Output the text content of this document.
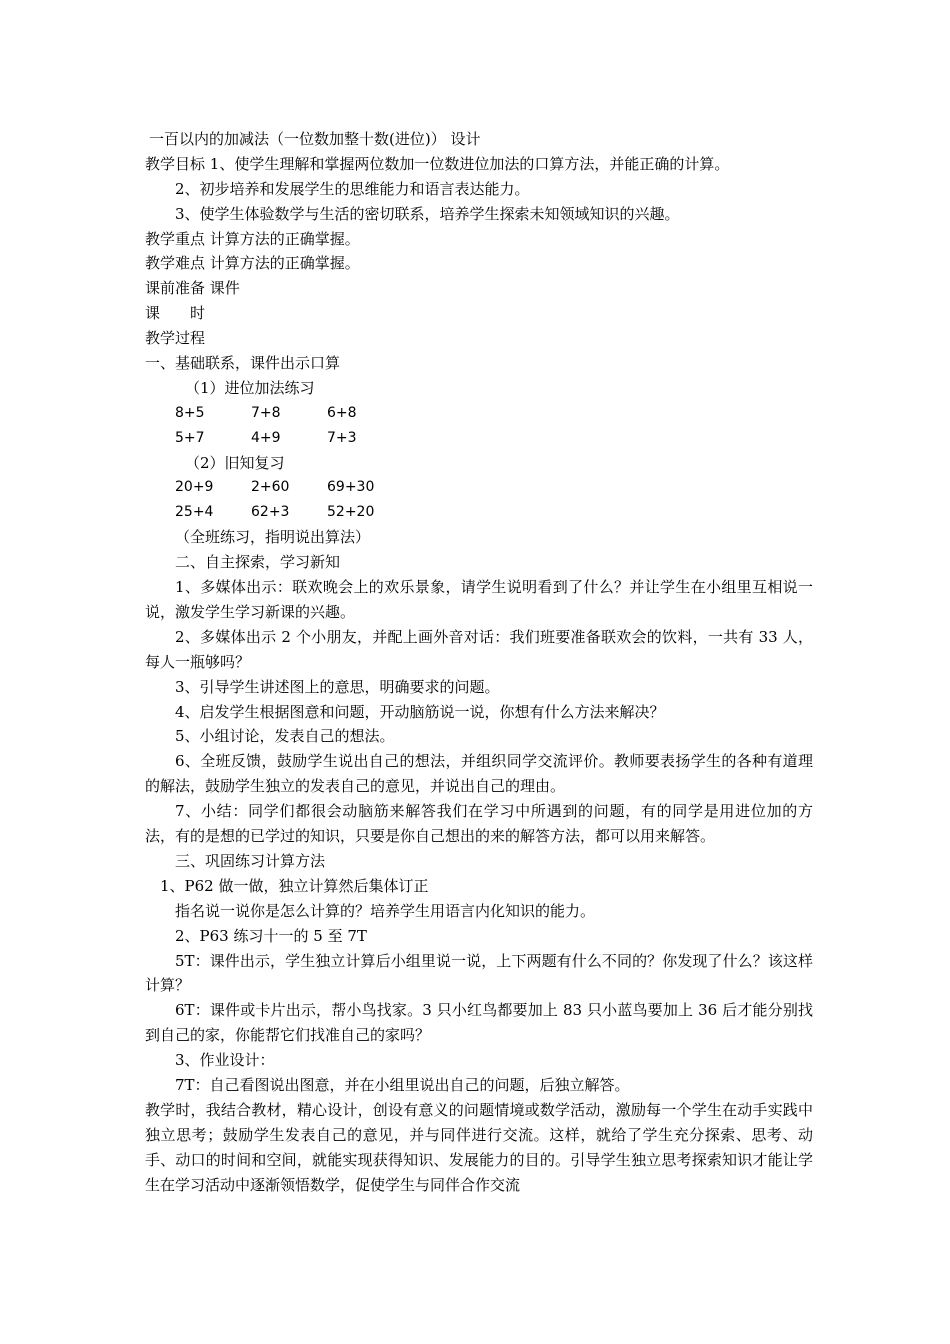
一百以内的加减法（一位数加整十数(进位)） 设计
教学目标 1、使学生理解和掌握两位数加一位数进位加法的口算方法，并能正确的计算。
2、初步培养和发展学生的思维能力和语言表达能力。
3、使学生体验数学与生活的密切联系，培养学生探索未知领域知识的兴趣。
教学重点 计算方法的正确掌握。
教学难点 计算方法的正确掌握。
课前准备 课件
课 时
教学过程
一、基础联系，课件出示口算
（1）进位加法练习
8+5	7+8	6+8
5+7	4+9	7+3
（2）旧知复习
20+9	2+60	69+30
25+4	62+3	52+20
（全班练习，指明说出算法）
二、自主探索，学习新知
1、多媒体出示：联欢晚会上的欢乐景象，请学生说明看到了什么？并让学生在小组里互相说一说，激发学生学习新课的兴趣。
2、多媒体出示 2 个小朋友，并配上画外音对话：我们班要准备联欢会的饮料，一共有 33 人，每人一瓶够吗？
3、引导学生讲述图上的意思，明确要求的问题。
4、启发学生根据图意和问题，开动脑筋说一说，你想有什么方法来解决？
5、小组讨论，发表自己的想法。
6、全班反馈，鼓励学生说出自己的想法，并组织同学交流评价。教师要表扬学生的各种有道理的解法，鼓励学生独立的发表自己的意见，并说出自己的理由。
7、小结：同学们都很会动脑筋来解答我们在学习中所遇到的问题，有的同学是用进位加的方法，有的是想的已学过的知识，只要是你自己想出的来的解答方法，都可以用来解答。
三、巩固练习计算方法
1、P62 做一做，独立计算然后集体订正
指名说一说你是怎么计算的？培养学生用语言内化知识的能力。
2、P63 练习十一的 5 至 7T
5T：课件出示，学生独立计算后小组里说一说，上下两题有什么不同的？你发现了什么？该这样计算？
6T：课件或卡片出示，帮小鸟找家。3 只小红鸟都要加上 83 只小蓝鸟要加上 36 后才能分别找到自己的家，你能帮它们找准自己的家吗？
3、作业设计：
7T：自己看图说出图意，并在小组里说出自己的问题，后独立解答。
教学时，我结合教材，精心设计，创设有意义的问题情境或数学活动，激励每一个学生在动手实践中独立思考；鼓励学生发表自己的意见，并与同伴进行交流。这样，就给了学生充分探索、思考、动手、动口的时间和空间，就能实现获得知识、发展能力的目的。引导学生独立思考探索知识才能让学生在学习活动中逐渐领悟数学，促使学生与同伴合作交流
